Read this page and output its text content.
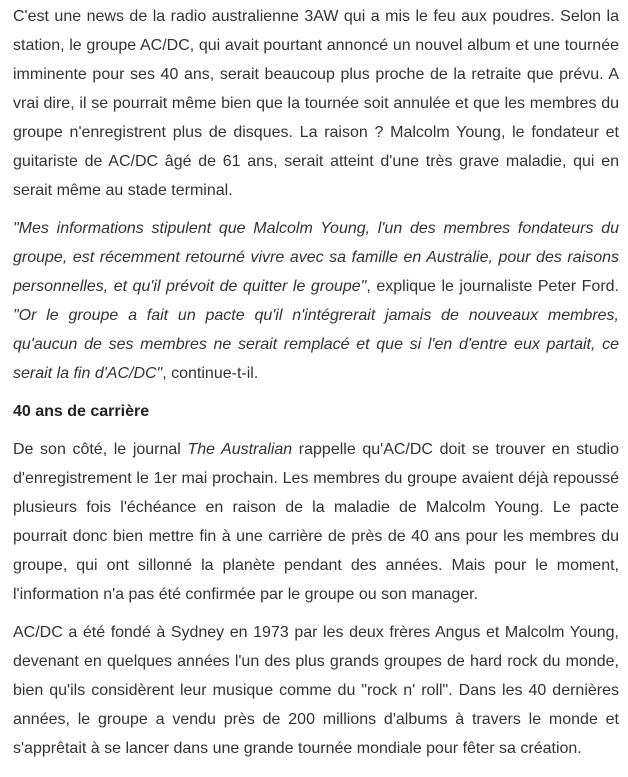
C'est une news de la radio australienne 3AW qui a mis le feu aux poudres. Selon la station, le groupe AC/DC, qui avait pourtant annoncé un nouvel album et une tournée imminente pour ses 40 ans, serait beaucoup plus proche de la retraite que prévu. A vrai dire, il se pourrait même bien que la tournée soit annulée et que les membres du groupe n'enregistrent plus de disques. La raison ? Malcolm Young, le fondateur et guitariste de AC/DC âgé de 61 ans, serait atteint d'une très grave maladie, qui en serait même au stade terminal.

"Mes informations stipulent que Malcolm Young, l'un des membres fondateurs du groupe, est récemment retourné vivre avec sa famille en Australie, pour des raisons personnelles, et qu'il prévoit de quitter le groupe", explique le journaliste Peter Ford. "Or le groupe a fait un pacte qu'il n'intégrerait jamais de nouveaux membres, qu'aucun de ses membres ne serait remplacé et que si l'en d'entre eux partait, ce serait la fin d'AC/DC", continue-t-il.

40 ans de carrière

De son côté, le journal The Australian rappelle qu'AC/DC doit se trouver en studio d'enregistrement le 1er mai prochain. Les membres du groupe avaient déjà repoussé plusieurs fois l'échéance en raison de la maladie de Malcolm Young. Le pacte pourrait donc bien mettre fin à une carrière de près de 40 ans pour les membres du groupe, qui ont sillonné la planète pendant des années. Mais pour le moment, l'information n'a pas été confirmée par le groupe ou son manager.

AC/DC a été fondé à Sydney en 1973 par les deux frères Angus et Malcolm Young, devenant en quelques années l'un des plus grands groupes de hard rock du monde, bien qu'ils considèrent leur musique comme du "rock n' roll". Dans les 40 dernières années, le groupe a vendu près de 200 millions d'albums à travers le monde et s'apprêtait à se lancer dans une grande tournée mondiale pour fêter sa création.
